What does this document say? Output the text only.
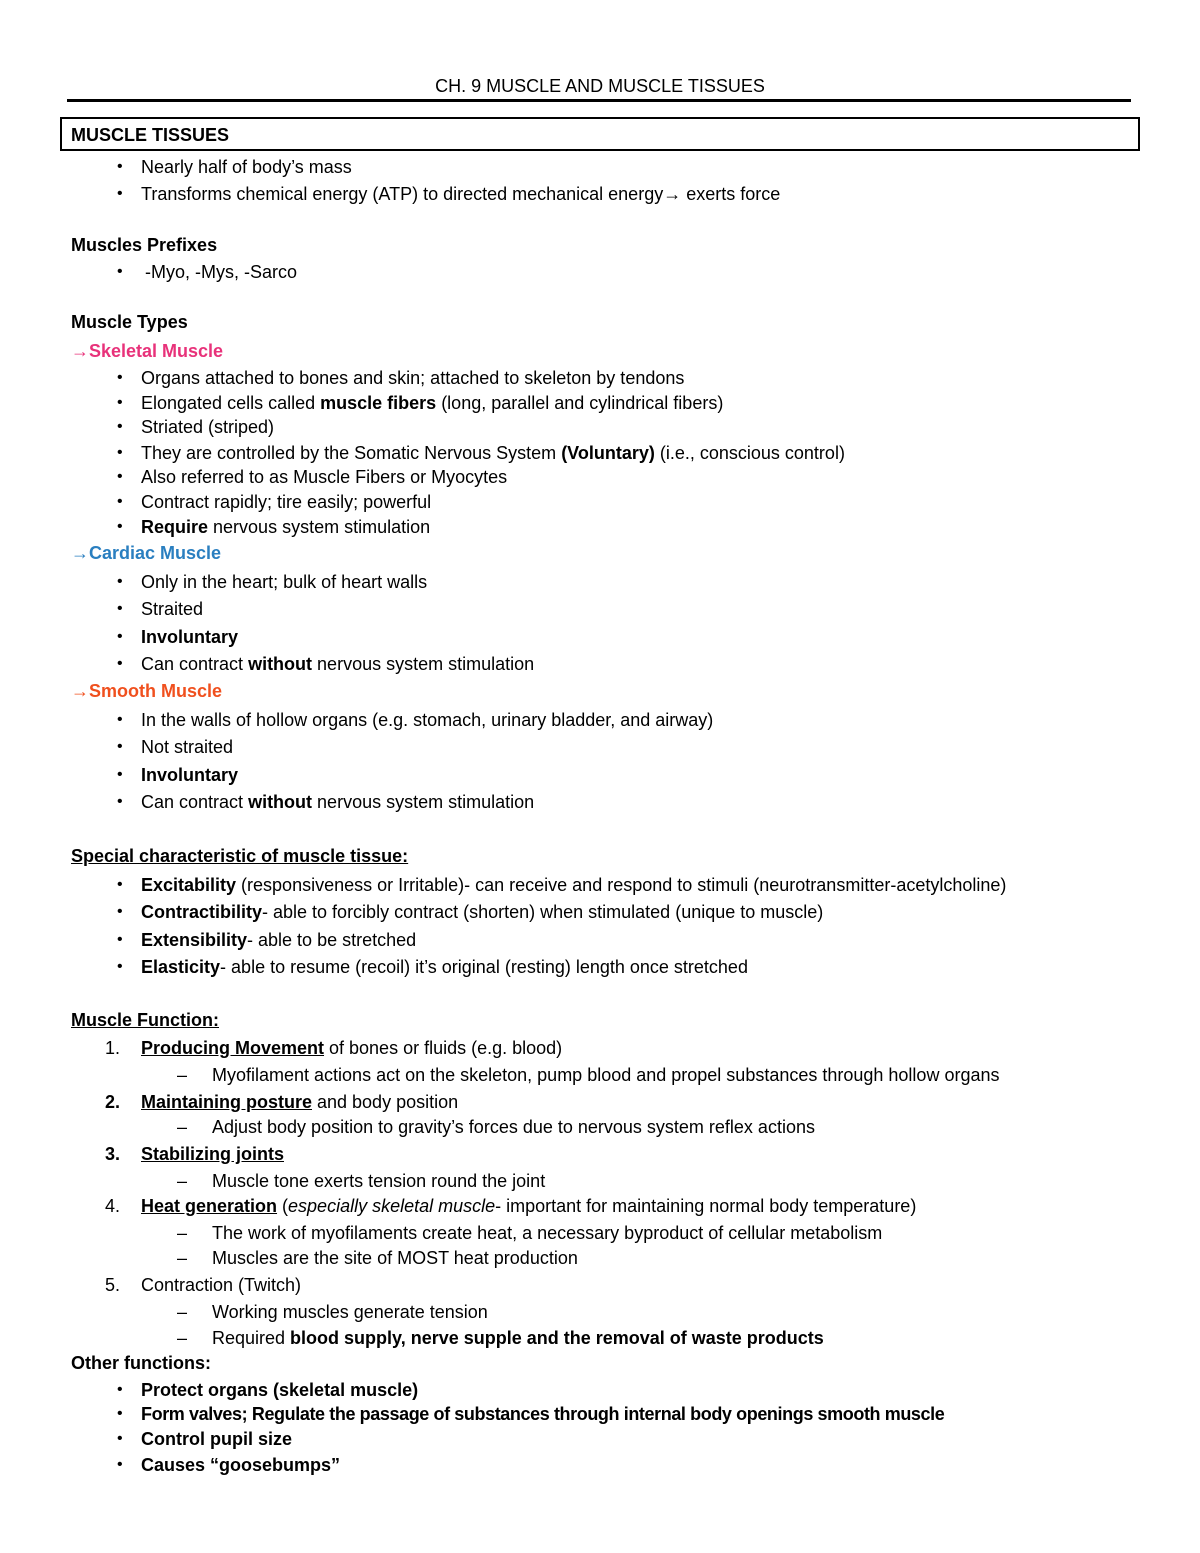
CH. 9 MUSCLE AND MUSCLE TISSUES
MUSCLE TISSUES
• Nearly half of body’s mass
• Transforms chemical energy (ATP) to directed mechanical energy→ exerts force
Muscles Prefixes
• -Myo, -Mys, -Sarco
Muscle Types
→Skeletal Muscle
• Organs attached to bones and skin; attached to skeleton by tendons
• Elongated cells called muscle fibers (long, parallel and cylindrical fibers)
• Striated (striped)
• They are controlled by the Somatic Nervous System (Voluntary) (i.e., conscious control)
• Also referred to as Muscle Fibers or Myocytes
• Contract rapidly; tire easily; powerful
• Require nervous system stimulation
→Cardiac Muscle
• Only in the heart; bulk of heart walls
• Straited
• Involuntary
• Can contract without nervous system stimulation
→Smooth Muscle
• In the walls of hollow organs (e.g. stomach, urinary bladder, and airway)
• Not straited
• Involuntary
• Can contract without nervous system stimulation
Special characteristic of muscle tissue:
• Excitability (responsiveness or Irritable)- can receive and respond to stimuli (neurotransmitter-acetylcholine)
• Contractibility- able to forcibly contract (shorten) when stimulated (unique to muscle)
• Extensibility- able to be stretched
• Elasticity- able to resume (recoil) it’s original (resting) length once stretched
Muscle Function:
1. Producing Movement of bones or fluids (e.g. blood)
– Myofilament actions act on the skeleton, pump blood and propel substances through hollow organs
2. Maintaining posture and body position
– Adjust body position to gravity’s forces due to nervous system reflex actions
3. Stabilizing joints
– Muscle tone exerts tension round the joint
4. Heat generation (especially skeletal muscle- important for maintaining normal body temperature)
– The work of myofilaments create heat, a necessary byproduct of cellular metabolism
– Muscles are the site of MOST heat production
5. Contraction (Twitch)
– Working muscles generate tension
– Required blood supply, nerve supple and the removal of waste products
Other functions:
• Protect organs (skeletal muscle)
• Form valves; Regulate the passage of substances through internal body openings smooth muscle
• Control pupil size
• Causes “goosebumps”
